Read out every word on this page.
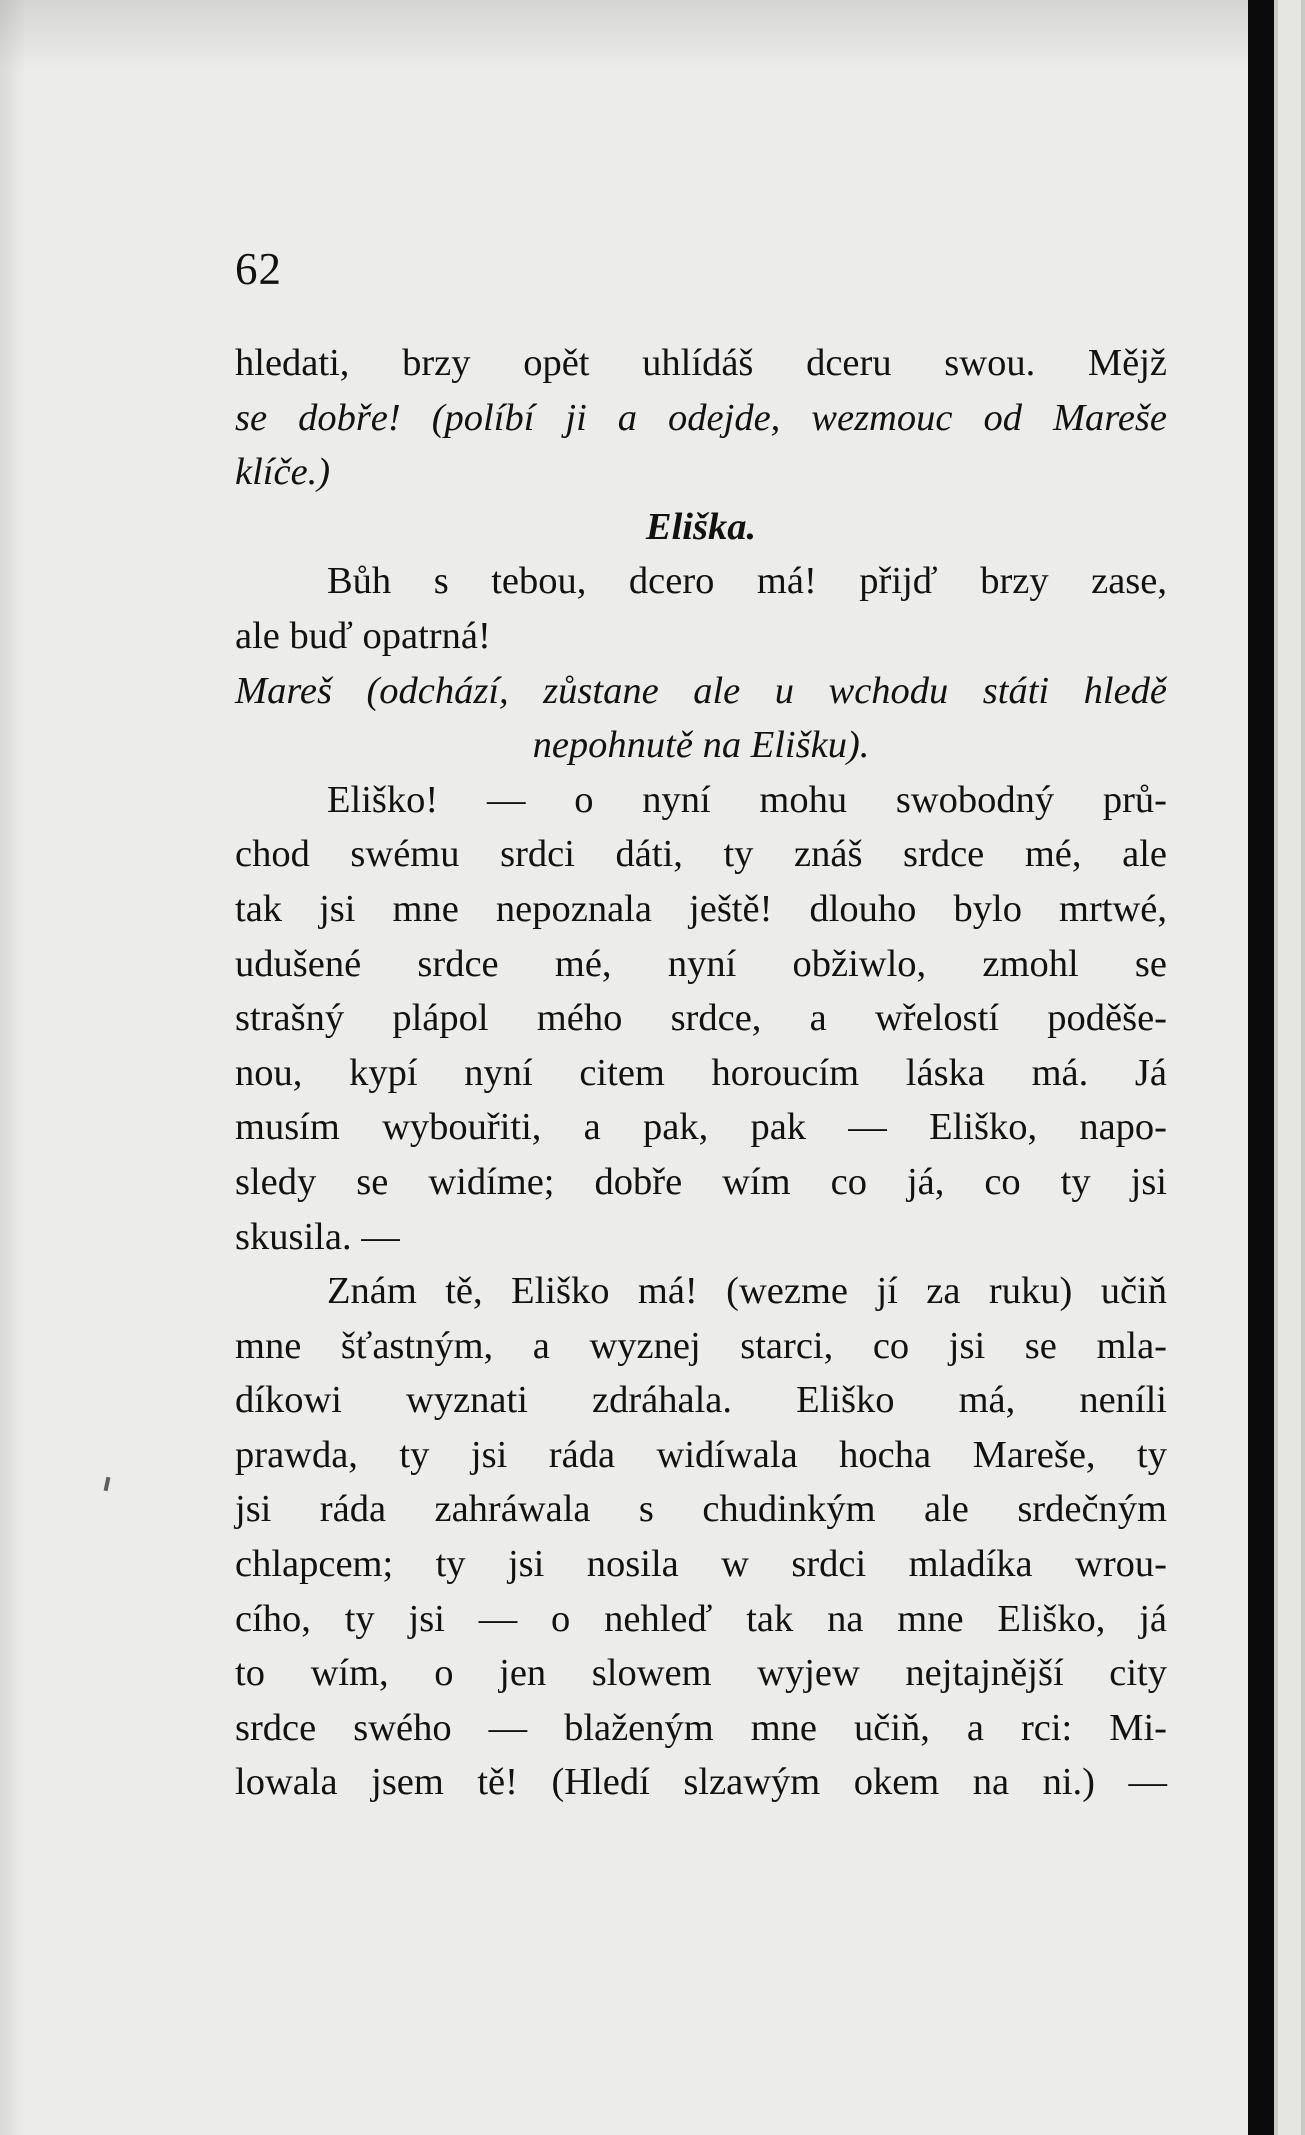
62
hledati, brzy opět uhlídáš dceru swou. Mějž
se dobře! (políbí ji a odejde, wezmouc od Mareše
klíče.)
Eliška.
Bůh s tebou, dcero má! přijď brzy zase,
ale buď opatrná!
Mareš (odchází, zůstane ale u wchodu státi hledě
nepohnutě na Elišku).
Eliško! — o nyní mohu swobodný prů-
chod swému srdci dáti, ty znáš srdce mé, ale
tak jsi mne nepoznala ještě! dlouho bylo mrtwé,
udušené srdce mé, nyní obžiwlo, zmohl se
strašný plápol mého srdce, a wřelostí poděše-
nou, kypí nyní citem horoucím láska má. Já
musím wybouřiti, a pak, pak — Eliško, napo-
sledy se widíme; dobře wím co já, co ty jsi
skusila. —
Znám tě, Eliško má! (wezme jí za ruku) učiň
mne šťastným, a wyznej starci, co jsi se mla-
díkowi wyznati zdráhala. Eliško má, neníli
prawda, ty jsi ráda widíwala hocha Mareše, ty
jsi ráda zahráwala s chudinkým ale srdečným
chlapcem; ty jsi nosila w srdci mladíka wrou-
cího, ty jsi — o nehleď tak na mne Eliško, já
to wím, o jen slowem wyjew nejtajnější city
srdce swého — blaženým mne učiň, a rci: Mi-
lowala jsem tě! (Hledí slzawým okem na ni.) —
